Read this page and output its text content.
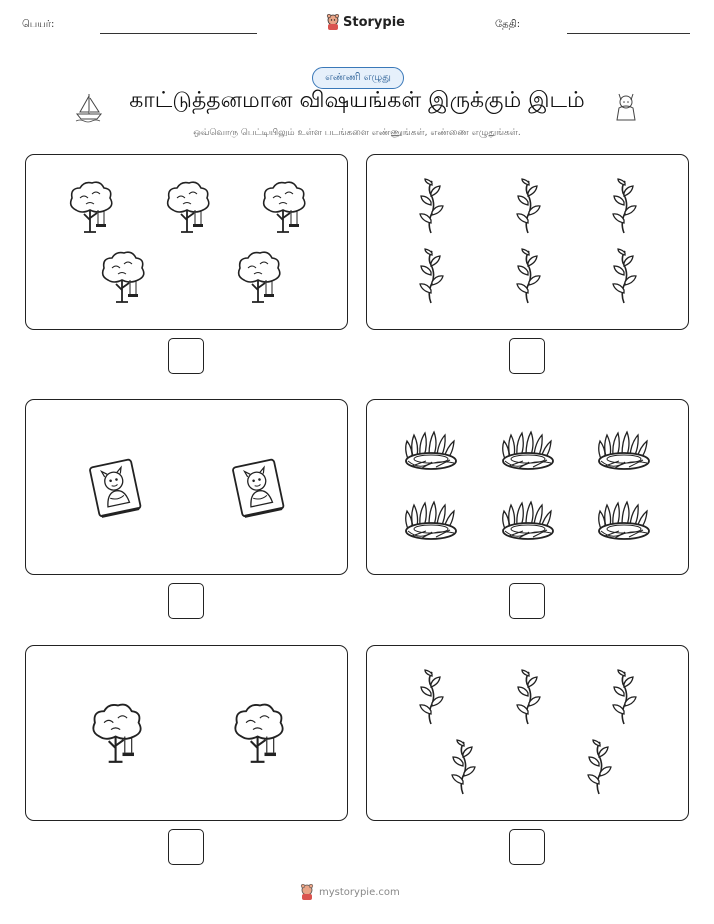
பெயர்:	Storypie	தேதி:
எண்ணி எழுது
காட்டுத்தனமான விஷயங்கள் இருக்கும் இடம்
ஒவ்வொரு பெட்டியிலும் உள்ள படங்களை எண்ணுங்கள், எண்ணை எழுதுங்கள்.
mystorypie.com
